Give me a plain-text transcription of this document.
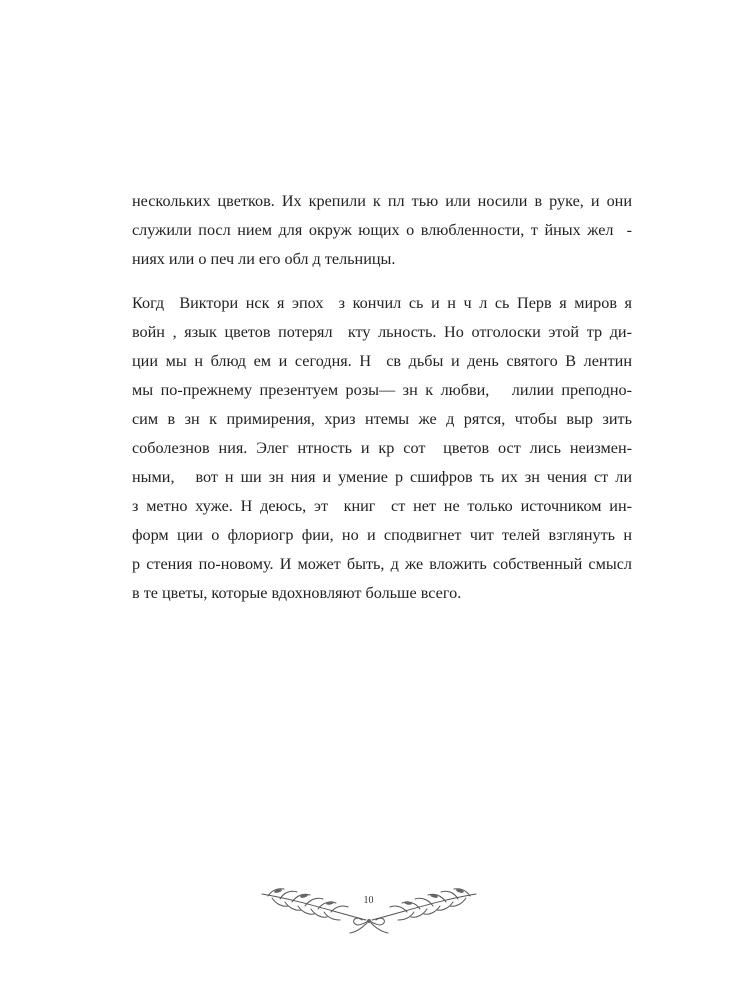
нескольких цветков. Их крепили к пл тью или носили в руке, и они
служили посл нием для окруж ющих о влюбленности, т йных жел  -
ниях или о печ ли его обл д тельницы.
Когд  Виктори нск я эпох  з кончил сь и н ч л сь Перв я миров я
войн , язык цветов потерял  кту льность. Но отголоски этой тр ди-
ции мы н блюд ем и сегодня. Н  св дьбы и день святого В лентин
мы по-прежнему презентуем розы— зн к любви,   лилии преподно-
сим в зн к примирения, хриз нтемы же д рятся, чтобы выр зить
соболезнов ния. Элег нтность и кр сот  цветов ост лись неизмен-
ными,   вот н ши зн ния и умение р сшифров ть их зн чения ст ли
з метно хуже. Н деюсь, эт  книг  ст нет не только источником ин-
форм ции о флориогр фии, но и сподвигнет чит телей взглянуть н
р стения по-новому. И может быть, д же вложить собственный смысл
в те цветы, которые вдохновляют больше всего.
10
